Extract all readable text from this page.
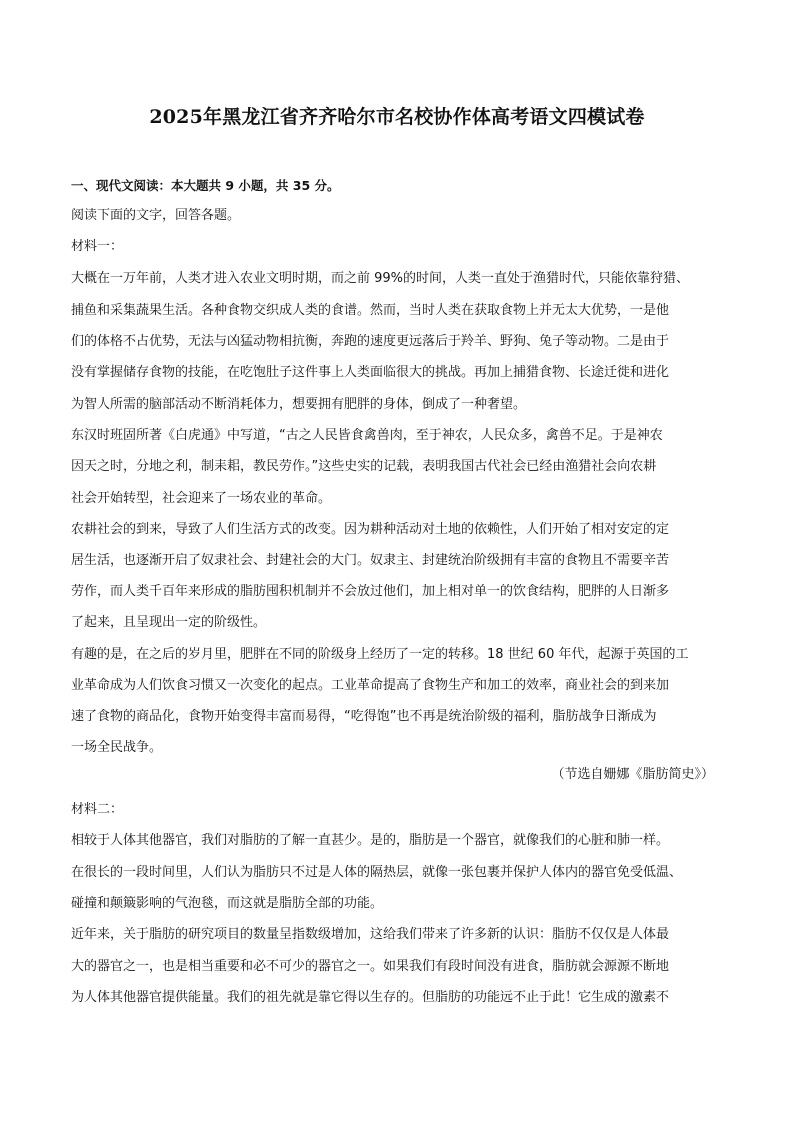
2025年黑龙江省齐齐哈尔市名校协作体高考语文四模试卷
一、现代文阅读：本大题共 9 小题，共 35 分。
阅读下面的文字，回答各题。
材料一：
大概在一万年前，人类才进入农业文明时期，而之前 99%的时间，人类一直处于渔猎时代，只能依靠狩猎、
捕鱼和采集蔬果生活。各种食物交织成人类的食谱。然而，当时人类在获取食物上并无太大优势，一是他
们的体格不占优势，无法与凶猛动物相抗衡，奔跑的速度更远落后于羚羊、野狗、兔子等动物。二是由于
没有掌握储存食物的技能，在吃饱肚子这件事上人类面临很大的挑战。再加上捕猎食物、长途迁徙和进化
为智人所需的脑部活动不断消耗体力，想要拥有肥胖的身体，倒成了一种奢望。
东汉时班固所著《白虎通》中写道，“古之人民皆食禽兽肉，至于神农，人民众多，禽兽不足。于是神农
因天之时，分地之利，制耒耜，教民劳作。”这些史实的记载，表明我国古代社会已经由渔猎社会向农耕
社会开始转型，社会迎来了一场农业的革命。
农耕社会的到来，导致了人们生活方式的改变。因为耕种活动对土地的依赖性，人们开始了相对安定的定
居生活，也逐渐开启了奴隶社会、封建社会的大门。奴隶主、封建统治阶级拥有丰富的食物且不需要辛苦
劳作，而人类千百年来形成的脂肪囤积机制并不会放过他们，加上相对单一的饮食结构，肥胖的人日渐多
了起来，且呈现出一定的阶级性。
有趣的是，在之后的岁月里，肥胖在不同的阶级身上经历了一定的转移。18 世纪 60 年代，起源于英国的工
业革命成为人们饮食习惯又一次变化的起点。工业革命提高了食物生产和加工的效率，商业社会的到来加
速了食物的商品化，食物开始变得丰富而易得，“吃得饱”也不再是统治阶级的福利，脂肪战争日渐成为
一场全民战争。
（节选自姗娜《脂肪简史》）
材料二：
相较于人体其他器官，我们对脂肪的了解一直甚少。是的，脂肪是一个器官，就像我们的心脏和肺一样。
在很长的一段时间里，人们认为脂肪只不过是人体的隔热层，就像一张包裹并保护人体内的器官免受低温、
碰撞和颠簸影响的气泡毯，而这就是脂肪全部的功能。
近年来，关于脂肪的研究项目的数量呈指数级增加，这给我们带来了许多新的认识：脂肪不仅仅是人体最
大的器官之一，也是相当重要和必不可少的器官之一。如果我们有段时间没有进食，脂肪就会源源不断地
为人体其他器官提供能量。我们的祖先就是靠它得以生存的。但脂肪的功能远不止于此！它生成的激素不
